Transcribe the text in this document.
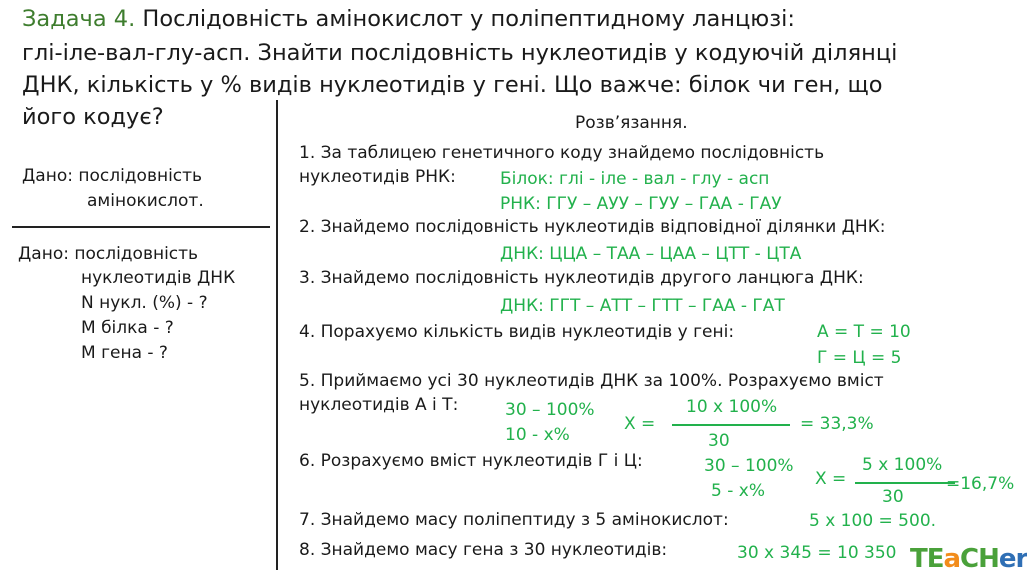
Задача 4. Послідовність амінокислот у поліпептидному ланцюзі:
глі-іле-вал-глу-асп. Знайти послідовність нуклеотидів у кодуючій ділянці
ДНК, кількість у % видів нуклеотидів у гені. Що важче: білок чи ген, що
його кодує?
Дано: послідовність
амінокислот.
Дано: послідовність
нуклеотидів ДНК
N нукл. (%) - ?
М білка - ?
М гена - ?
Розв’язання.
1. За таблицею генетичного коду знайдемо послідовність
нуклеотидів РНК:	Білок: глі - іле - вал - глу - асп
РНК: ГГУ – АУУ – ГУУ – ГАА - ГАУ
2. Знайдемо послідовність нуклеотидів відповідної ділянки ДНК:
ДНК: ЦЦА – ТАА – ЦАА – ЦТТ - ЦТА
3. Знайдемо послідовність нуклеотидів другого ланцюга ДНК:
ДНК: ГГТ – АТТ – ГТТ – ГАА - ГАТ
4. Порахуємо кількість видів нуклеотидів у гені:	А = Т = 10
Г = Ц = 5
5. Приймаємо усі 30 нуклеотидів ДНК за 100%. Розрахуємо вміст
нуклеотидів А і Т:	30 – 100%
10 - х%
Х =
10 х 100%
30
= 33,3%
6. Розрахуємо вміст нуклеотидів Г і Ц:	30 – 100%
5 - х%
Х =
5 х 100%
30
=16,7%
7. Знайдемо масу поліпептиду з 5 амінокислот:	5 х 100 = 500.
8. Знайдемо масу гена з 30 нуклеотидів:	30 х 345 = 10 350 TEaCHer
